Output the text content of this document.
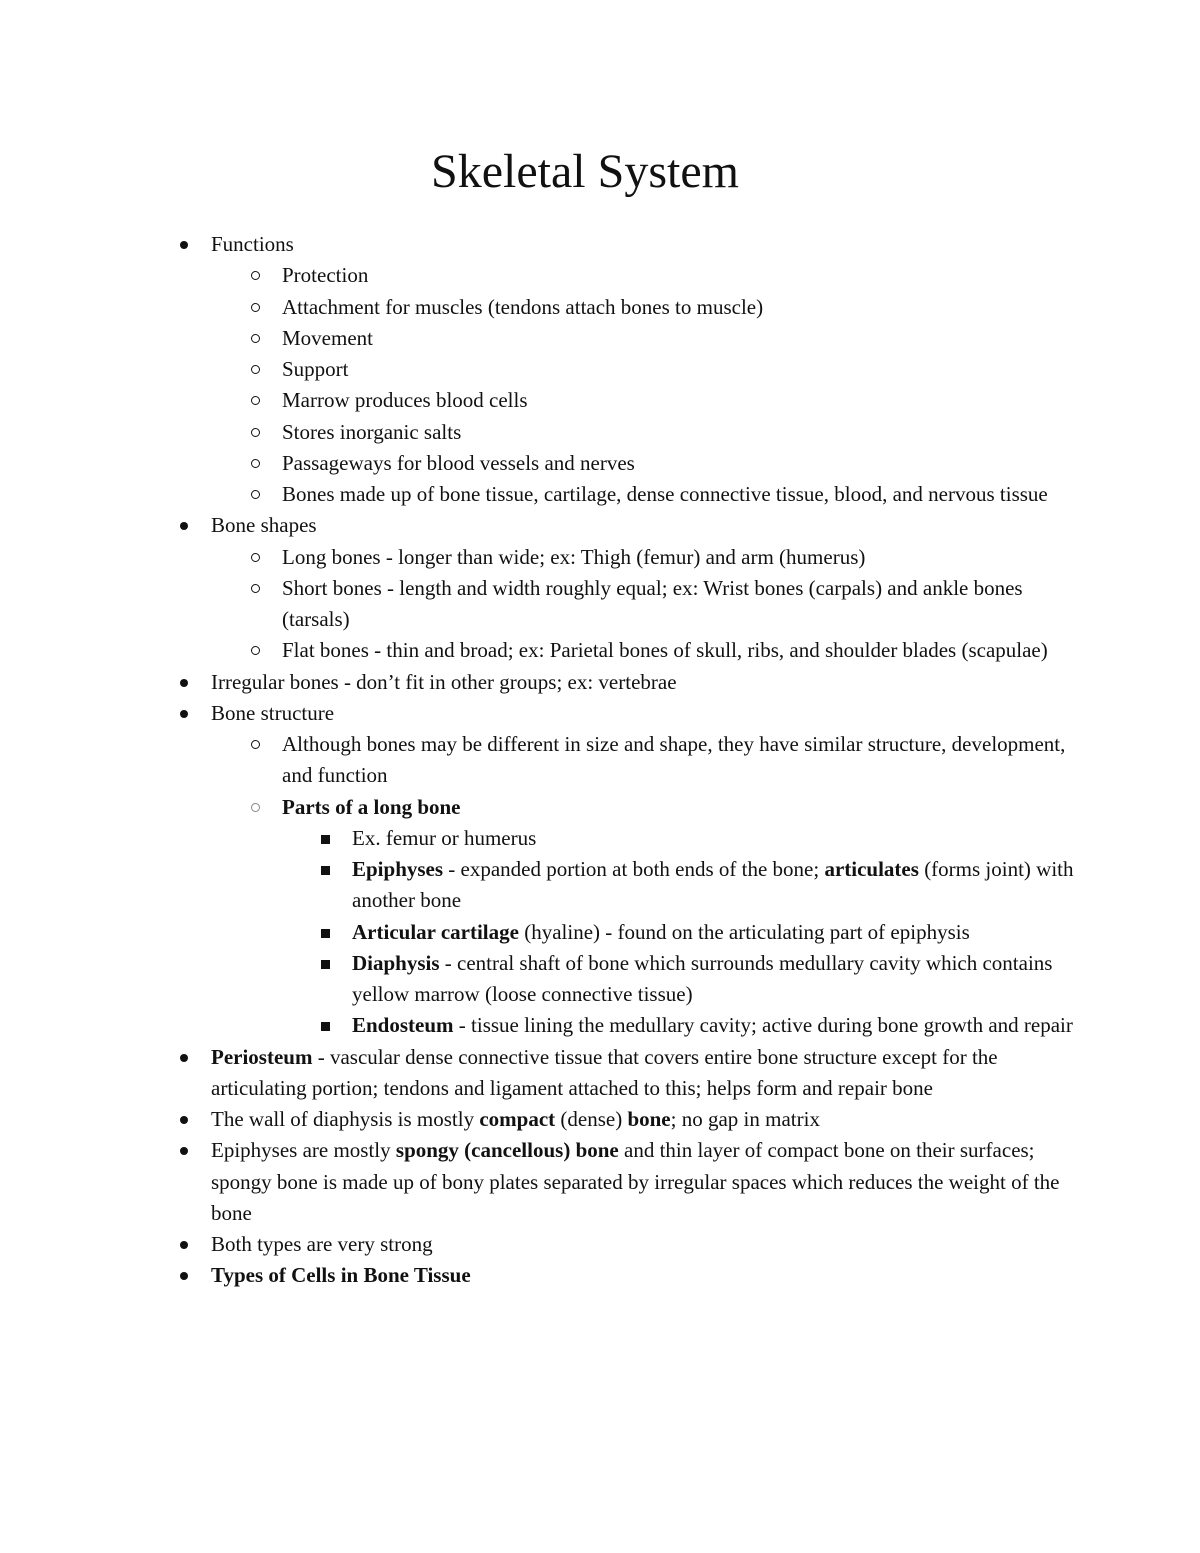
Skeletal System
Functions
Protection
Attachment for muscles (tendons attach bones to muscle)
Movement
Support
Marrow produces blood cells
Stores inorganic salts
Passageways for blood vessels and nerves
Bones made up of bone tissue, cartilage, dense connective tissue, blood, and nervous tissue
Bone shapes
Long bones - longer than wide; ex: Thigh (femur) and arm (humerus)
Short bones - length and width roughly equal; ex: Wrist bones (carpals) and ankle bones (tarsals)
Flat bones - thin and broad; ex: Parietal bones of skull, ribs, and shoulder blades (scapulae)
Irregular bones - don’t fit in other groups; ex: vertebrae
Bone structure
Although bones may be different in size and shape, they have similar structure, development, and function
Parts of a long bone
Ex. femur or humerus
Epiphyses - expanded portion at both ends of the bone; articulates (forms joint) with another bone
Articular cartilage (hyaline) - found on the articulating part of epiphysis
Diaphysis - central shaft of bone which surrounds medullary cavity which contains yellow marrow (loose connective tissue)
Endosteum - tissue lining the medullary cavity; active during bone growth and repair
Periosteum - vascular dense connective tissue that covers entire bone structure except for the articulating portion; tendons and ligament attached to this; helps form and repair bone
The wall of diaphysis is mostly compact (dense) bone; no gap in matrix
Epiphyses are mostly spongy (cancellous) bone and thin layer of compact bone on their surfaces; spongy bone is made up of bony plates separated by irregular spaces which reduces the weight of the bone
Both types are very strong
Types of Cells in Bone Tissue
